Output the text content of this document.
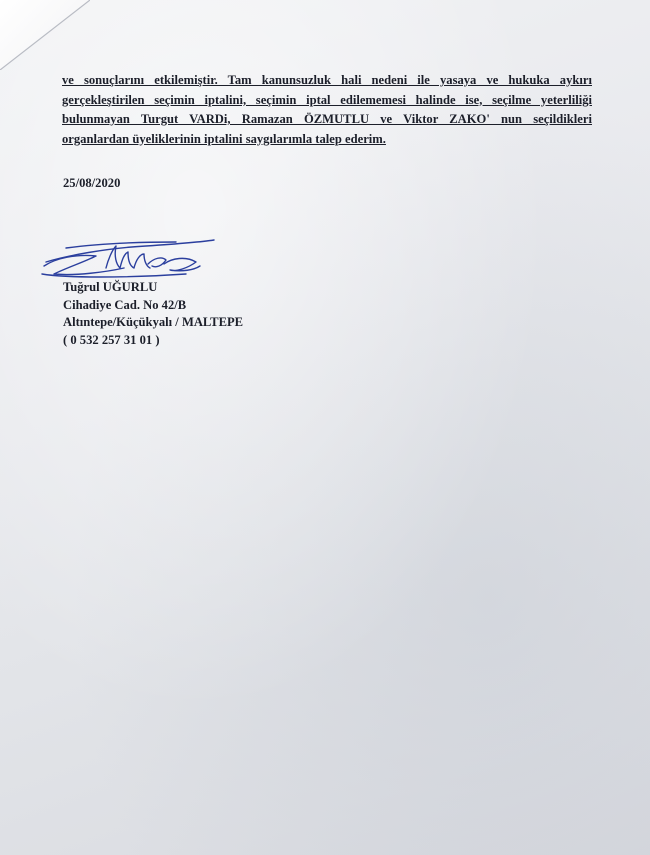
ve sonuçlarını etkilemiştir. Tam kanunsuzluk hali nedeni ile yasaya ve hukuka aykırı
gerçekleştirilen seçimin iptalini, seçimin iptal edilememesi halinde ise, seçilme yeterliliği
bulunmayan Turgut VARDi, Ramazan ÖZMUTLU ve Viktor ZAKO' nun seçildikleri
organlardan üyeliklerinin iptalini saygılarımla talep ederim.
25/08/2020
Tuğrul UĞURLU
Cihadiye Cad. No 42/B
Altıntepe/Küçükyalı / MALTEPE
( 0 532 257 31 01 )
